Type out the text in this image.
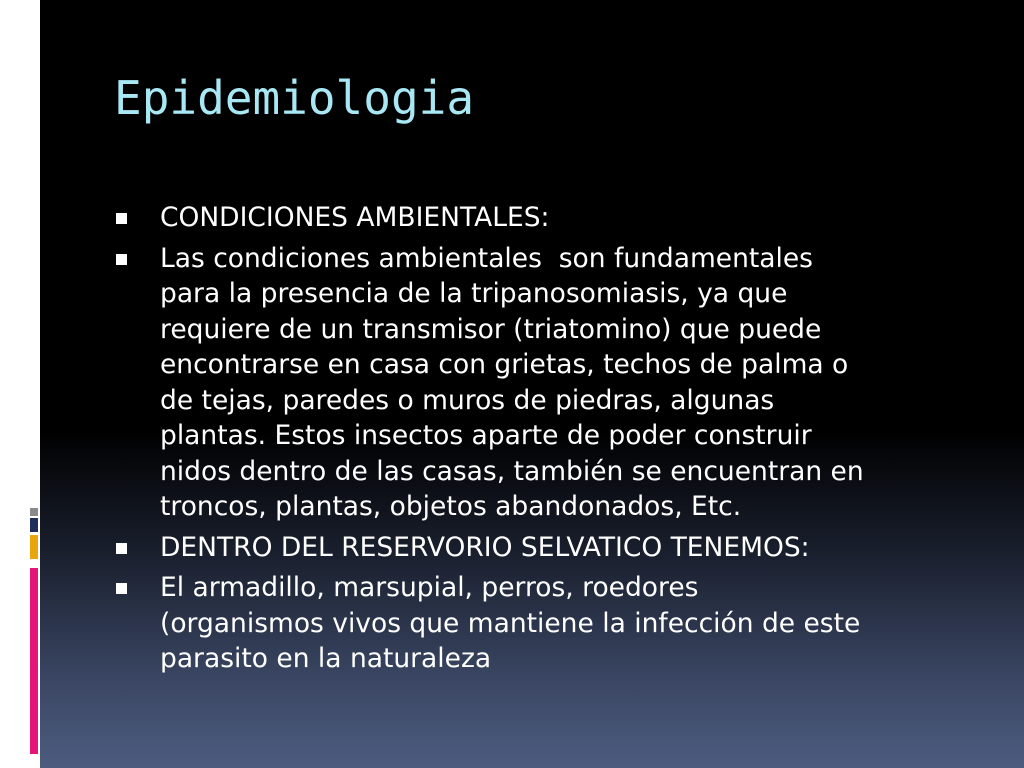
Epidemiologia
CONDICIONES AMBIENTALES:
Las condiciones ambientales  son fundamentales
para la presencia de la tripanosomiasis, ya que
requiere de un transmisor (triatomino) que puede
encontrarse en casa con grietas, techos de palma o
de tejas, paredes o muros de piedras, algunas
plantas. Estos insectos aparte de poder construir
nidos dentro de las casas, también se encuentran en
troncos, plantas, objetos abandonados, Etc.
DENTRO DEL RESERVORIO SELVATICO TENEMOS:
El armadillo, marsupial, perros, roedores
(organismos vivos que mantiene la infección de este
parasito en la naturaleza
